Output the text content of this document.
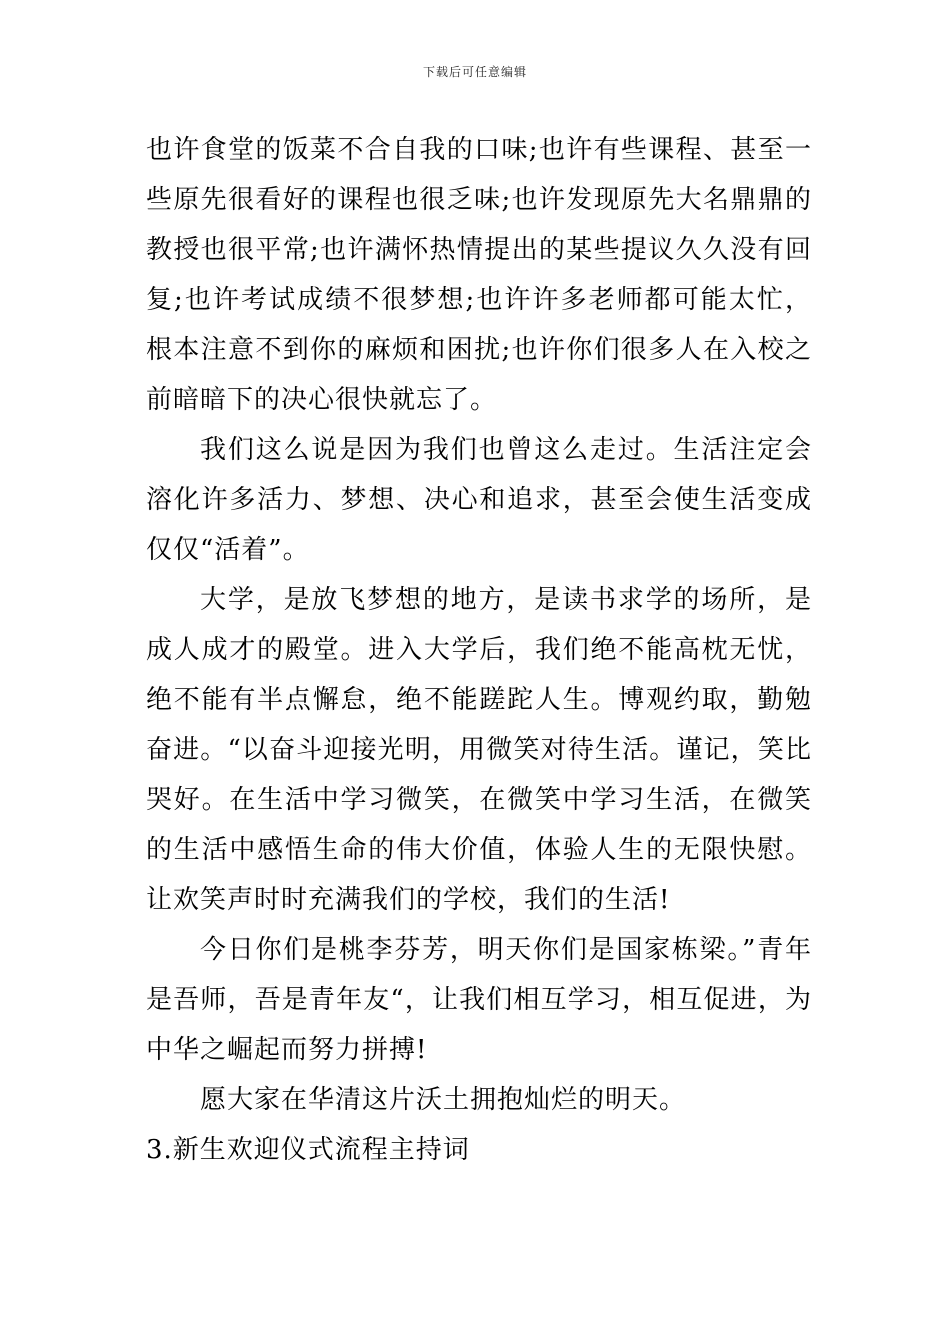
下载后可任意编辑

也许食堂的饭菜不合自我的口味;也许有些课程、甚至一些原先很看好的课程也很乏味;也许发现原先大名鼎鼎的教授也很平常;也许满怀热情提出的某些提议久久没有回复;也许考试成绩不很梦想;也许许多老师都可能太忙，根本注意不到你的麻烦和困扰;也许你们很多人在入校之前暗暗下的决心很快就忘了。

我们这么说是因为我们也曾这么走过。生活注定会溶化许多活力、梦想、决心和追求，甚至会使生活变成仅仅“活着”。

大学，是放飞梦想的地方，是读书求学的场所，是成人成才的殿堂。进入大学后，我们绝不能高枕无忧，绝不能有半点懈怠，绝不能蹉跎人生。博观约取，勤勉奋进。“以奋斗迎接光明，用微笑对待生活。谨记，笑比哭好。在生活中学习微笑，在微笑中学习生活，在微笑的生活中感悟生命的伟大价值，体验人生的无限快慰。让欢笑声时时充满我们的学校，我们的生活!

今日你们是桃李芬芳，明天你们是国家栋梁。”青年是吾师，吾是青年友“，让我们相互学习，相互促进，为中华之崛起而努力拼搏!

愿大家在华清这片沃土拥抱灿烂的明天。

3.新生欢迎仪式流程主持词
